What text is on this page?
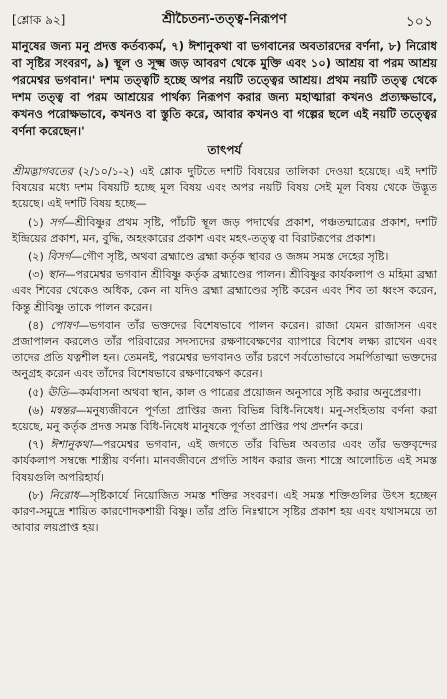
[শ্লোক ৯২]	শ্রীচৈতন্য-তত্ত্ব-নিরূপণ	১০১
মানুষের জন্য মনু প্রদত্ত কর্তব্যকর্ম, ৭) ঈশানুকথা বা ভগবানের অবতারদের বর্ণনা, ৮) নিরোধ বা সৃষ্টির সংবরণ, ৯) স্থূল ও সূক্ষ্ম জড় আবরণ থেকে মুক্তি এবং ১০) আশ্রয় বা পরম আশ্রয় পরমেশ্বর ভগবান।' দশম তত্ত্বটি হচ্ছে অপর নয়টি তত্ত্বের আশ্রয়। প্রথম নয়টি তত্ত্ব থেকে দশম তত্ত্ব বা পরম আশ্রয়ের পার্থক্য নিরূপণ করার জন্য মহাত্মারা কখনও প্রত্যক্ষভাবে, কখনও পরোক্ষভাবে, কখনও বা স্তুতি করে, আবার কখনও বা গল্পের ছলে এই নয়টি তত্ত্বের বর্ণনা করেছেন।'
তাৎপর্য
শ্রীমদ্ভাগবতের (২/১০/১-২) এই শ্লোক দুটিতে দশটি বিষয়ের তালিকা দেওয়া হয়েছে। এই দশটি বিষয়ের মধ্যে দশম বিষয়টি হচ্ছে মূল বিষয় এবং অপর নয়টি বিষয় সেই মূল বিষয় থেকে উদ্ভূত হয়েছে। এই দশটি বিষয় হচ্ছে—
(১) সর্গ—শ্রীবিষ্ণুর প্রথম সৃষ্টি, পাঁচটি স্থূল জড় পদার্থের প্রকাশ, পঞ্চতন্মাত্রের প্রকাশ, দশটি ইন্দ্রিয়ের প্রকাশ, মন, বুদ্ধি, অহংকারের প্রকাশ এবং মহৎ-তত্ত্ব বা বিরাটরূপের প্রকাশ।
(২) বিসর্গ—গৌণ সৃষ্টি, অথবা ব্রহ্মাণ্ডে ব্রহ্মা কর্তৃক স্থাবর ও জঙ্গম সমস্ত দেহের সৃষ্টি।
(৩) স্থান—পরমেশ্বর ভগবান শ্রীবিষ্ণু কর্তৃক ব্রহ্মাণ্ডের পালন। শ্রীবিষ্ণুর কার্যকলাপ ও মহিমা ব্রহ্মা এবং শিবের থেকেও অধিক, কেন না যদিও ব্রহ্মা ব্রহ্মাণ্ডের সৃষ্টি করেন এবং শিব তা ধ্বংস করেন, কিন্তু শ্রীবিষ্ণু তাকে পালন করেন।
(৪) পোষণ—ভগবান তাঁর ভক্তদের বিশেষভাবে পালন করেন। রাজা যেমন রাজাসন এবং প্রজাপালন করলেও তাঁর পরিবারের সদস্যদের রক্ষণাবেক্ষণের ব্যাপারে বিশেষ লক্ষ্য রাখেন এবং তাদের প্রতি যত্নশীল হন। তেমনই, পরমেশ্বর ভগবানও তাঁর চরণে সর্বতোভাবে সমর্পিতাত্মা ভক্তদের অনুগ্রহ করেন এবং তাঁদের বিশেষভাবে রক্ষণাবেক্ষণ করেন।
(৫) ঊতি—কর্মবাসনা অথবা স্থান, কাল ও পাত্রের প্রয়োজন অনুসারে সৃষ্টি করার অনুপ্রেরণা।
(৬) মন্বন্তর—মনুষ্যজীবনে পূর্ণতা প্রাপ্তির জন্য বিভিন্ন বিধি-নিষেধ। মনু-সংহিতায় বর্ণনা করা হয়েছে, মনু কর্তৃক প্রদত্ত সমস্ত বিধি-নিষেধ মানুষকে পূর্ণতা প্রাপ্তির পথ প্রদর্শন করে।
(৭) ঈশানুকথা—পরমেশ্বর ভগবান, এই জগতে তাঁর বিভিন্ন অবতার এবং তাঁর ভক্তবৃন্দের কার্যকলাপ সম্বন্ধে শাস্ত্রীয় বর্ণনা। মানবজীবনে প্রগতি সাধন করার জন্য শাস্ত্রে আলোচিত এই সমস্ত বিষয়গুলি অপরিহার্য।
(৮) নিরোধ—সৃষ্টিকার্যে নিয়োজিত সমস্ত শক্তির সংবরণ। এই সমস্ত শক্তিগুলির উৎস হচ্ছেন কারণ-সমুদ্রে শায়িত কারণোদকশায়ী বিষ্ণু। তাঁর প্রতি নিঃশ্বাসে সৃষ্টির প্রকাশ হয় এবং যথাসময়ে তা আবার লয়প্রাপ্ত হয়।
